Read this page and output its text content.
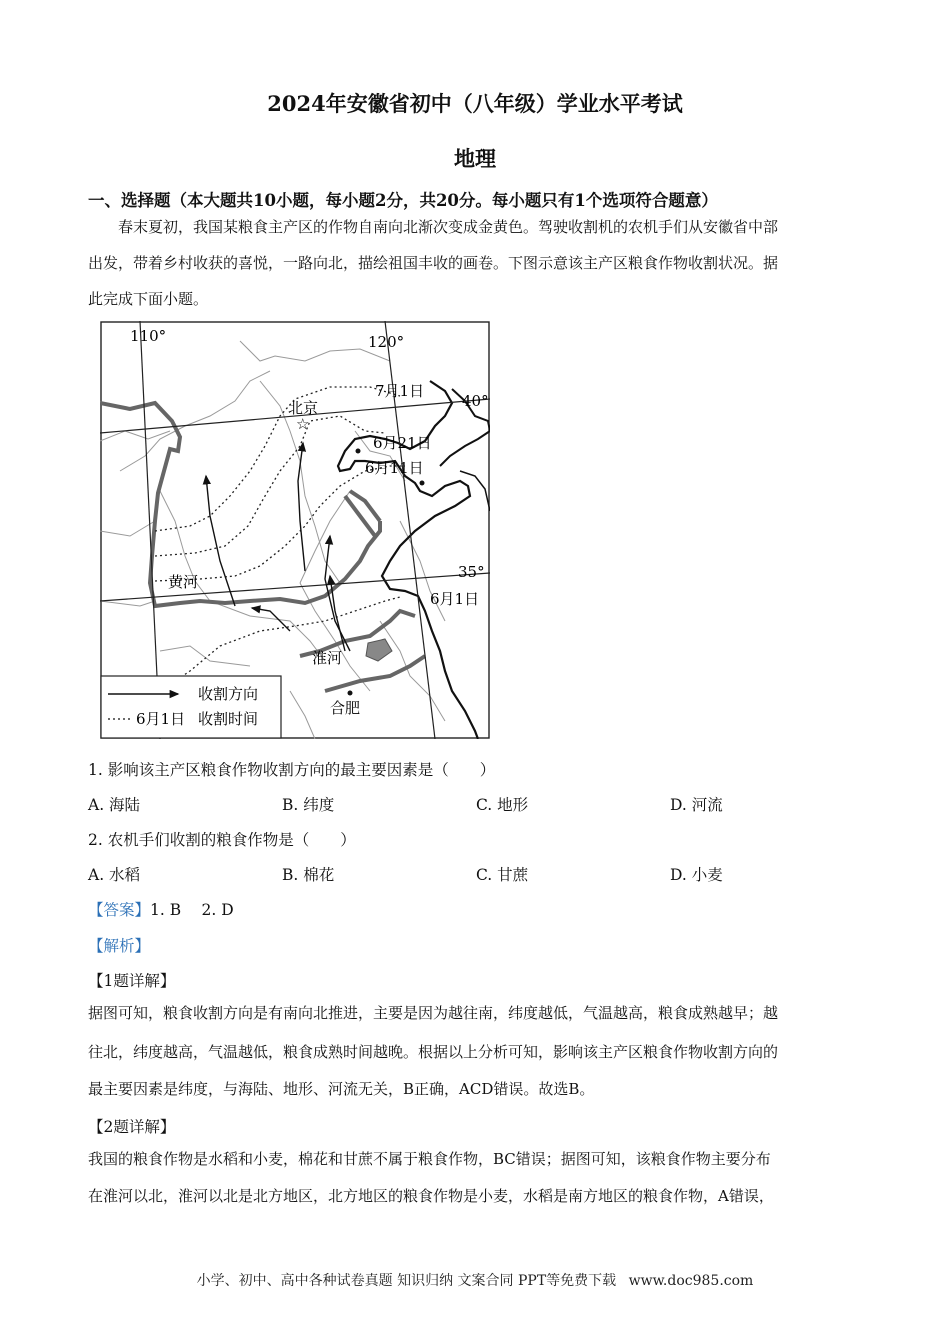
2024年安徽省初中（八年级）学业水平考试
地理
一、选择题（本大题共10小题，每小题2分，共20分。每小题只有1个选项符合题意）
春末夏初，我国某粮食主产区的作物自南向北渐次变成金黄色。驾驶收割机的农机手们从安徽省中部
出发，带着乡村收获的喜悦，一路向北，描绘祖国丰收的画卷。下图示意该主产区粮食作物收割状况。据
此完成下面小题。
☆
110°	120°
40°
35°
北京
7月1日
6月21日
6月11日
6月1日
黄河
淮河
合肥
收割方向
6月1日 收割时间
1. 影响该主产区粮食作物收割方向的最主要因素是（　　）
A. 海陆	B. 纬度	C. 地形	D. 河流
2. 农机手们收割的粮食作物是（　　）
A. 水稻	B. 棉花	C. 甘蔗	D. 小麦
【答案】1. B　 2. D
【解析】
【1题详解】
据图可知，粮食收割方向是有南向北推进，主要是因为越往南，纬度越低，气温越高，粮食成熟越早；越
往北，纬度越高，气温越低，粮食成熟时间越晚。根据以上分析可知，影响该主产区粮食作物收割方向的
最主要因素是纬度，与海陆、地形、河流无关，B正确，ACD错误。故选B。
【2题详解】
我国的粮食作物是水稻和小麦，棉花和甘蔗不属于粮食作物，BC错误；据图可知，该粮食作物主要分布
在淮河以北，淮河以北是北方地区，北方地区的粮食作物是小麦，水稻是南方地区的粮食作物，A错误，
小学、初中、高中各种试卷真题 知识归纳 文案合同 PPT等免费下载 www.doc985.com
